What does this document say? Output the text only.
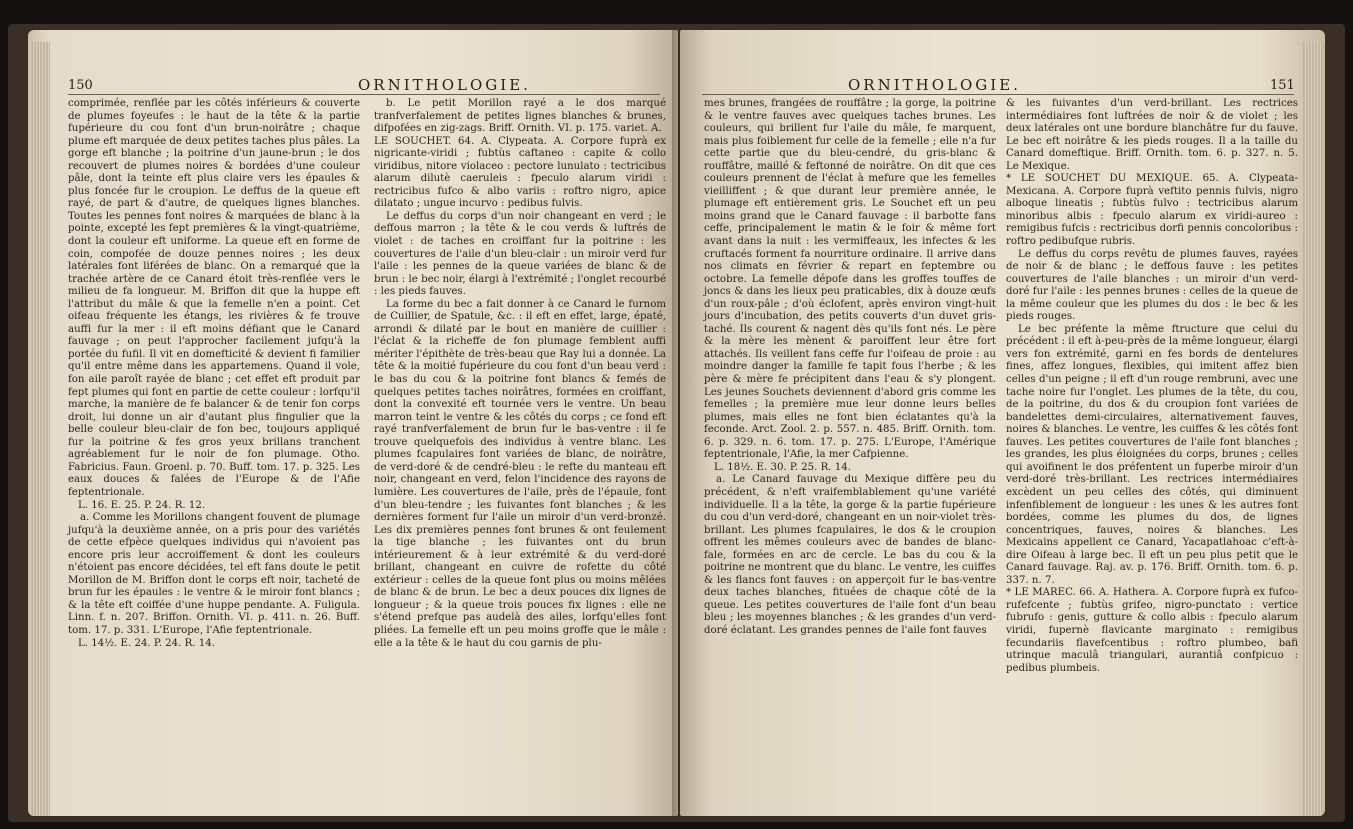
150	ORNITHOLOGIE.

comprimée, renflée par les côtés inférieurs & couverte de plumes foyeufes : le haut de la tête & la partie fupérieure du cou font d'un brun-noirâtre ; chaque plume eft marquée de deux petites taches plus pâles. La gorge eft blanche ; la poitrine d'un jaune-brun ; le dos recouvert de plumes noires & bordées d'une couleur pâle, dont la teinte eft plus claire vers les épaules & plus foncée fur le croupion. Le deffus de la queue eft rayé, de part & d'autre, de quelques lignes blanches. Toutes les pennes font noires & marquées de blanc à la pointe, excepté les fept premières & la vingt-quatrième, dont la couleur eft uniforme. La queue eft en forme de coin, compofée de douze pennes noires ; les deux latérales font liférées de blanc. On a remarqué que la trachée artère de ce Canard étoit très-renflée vers le milieu de fa longueur. M. Briffon dit que la huppe eft l'attribut du mâle & que la femelle n'en a point. Cet oifeau fréquente les étangs, les rivières & fe trouve auffi fur la mer : il eft moins défiant que le Canard fauvage ; on peut l'approcher facilement jufqu'à la portée du fufil. Il vit en domefticité & devient fi familier qu'il entre même dans les appartemens. Quand il vole, fon aile paroît rayée de blanc ; cet effet eft produit par fept plumes qui font en partie de cette couleur : lorfqu'il marche, la manière de fe balancer & de tenir fon corps droit, lui donne un air d'autant plus fingulier que la belle couleur bleu-clair de fon bec, toujours appliqué fur la poitrine & fes gros yeux brillans tranchent agréablement fur le noir de fon plumage. Otho. Fabricius. Faun. Groenl. p. 70. Buff. tom. 17. p. 325. Les eaux douces & falées de l'Europe & de l'Afie feptentrionale.

L. 16. E. 25. P. 24. R. 12.

a. Comme les Morillons changent fouvent de plumage jufqu'à la deuxième année, on a pris pour des variétés de cette efpèce quelques individus qui n'avoient pas encore pris leur accroiffement & dont les couleurs n'étoient pas encore décidées, tel eft fans doute le petit Morillon de M. Briffon dont le corps eft noir, tacheté de brun fur les épaules : le ventre & le miroir font blancs ; & la tête eft coiffée d'une huppe pendante. A. Fuligula. Linn. f. n. 207. Briffon. Ornith. VI. p. 411. n. 26. Buff. tom. 17. p. 331. L'Europe, l'Afie feptentrionale.

L. 14½. E. 24. P. 24. R. 14.

b. Le petit Morillon rayé a le dos marqué tranfverfalement de petites lignes blanches & brunes, difpofées en zig-zags. Briff. Ornith. VI. p. 175. variet. A.

LE SOUCHET. 64. A. Clypeata. A. Corpore fuprà ex nigricante-viridi ; fubtùs caftaneo : capite & collo viridibus, nitore violaceo : pectore lunulato : tectricibus alarum dilutè caeruleis : fpeculo alarum viridi : rectricibus fufco & albo variis : roftro nigro, apice dilatato ; ungue incurvo : pedibus fulvis.

Le deffus du corps d'un noir changeant en verd ; le deffous marron ; la tête & le cou verds & luftrés de violet : de taches en croiffant fur la poitrine : les couvertures de l'aile d'un bleu-clair : un miroir verd fur l'aile : les pennes de la queue variées de blanc & de brun : le bec noir, élargi à l'extrémité ; l'onglet recourbé : les pieds fauves.

La forme du bec a fait donner à ce Canard le furnom de Cuillier, de Spatule, &c. : il eft en effet, large, épaté, arrondi & dilaté par le bout en manière de cuillier : l'éclat & la richeffe de fon plumage femblent auffi mériter l'épithète de très-beau que Ray lui a donnée. La tête & la moitié fupérieure du cou font d'un beau verd : le bas du cou & la poitrine font blancs & femés de quelques petites taches noirâtres, formées en croiffant, dont la convexité eft tournée vers le ventre. Un beau marron teint le ventre & les côtés du corps ; ce fond eft rayé tranfverfalement de brun fur le bas-ventre : il fe trouve quelquefois des individus à ventre blanc. Les plumes fcapulaires font variées de blanc, de noirâtre, de verd-doré & de cendré-bleu : le refte du manteau eft noir, changeant en verd, felon l'incidence des rayons de lumière. Les couvertures de l'aile, près de l'épaule, font d'un bleu-tendre ; les fuivantes font blanches ; & les dernières forment fur l'aile un miroir d'un verd-bronzé. Les dix premières pennes font brunes & ont feulement la tige blanche ; les fuivantes ont du brun intérieurement & à leur extrémité & du verd-doré brillant, changeant en cuivre de rofette du côté extérieur : celles de la queue font plus ou moins mêlées de blanc & de brun. Le bec a deux pouces dix lignes de longueur ; & la queue trois pouces fix lignes : elle ne s'étend prefque pas audelà des ailes, lorfqu'elles font pliées. La femelle eft un peu moins groffe que le mâle : elle a la tête & le haut du cou garnis de plu-

ORNITHOLOGIE.	151

mes brunes, frangées de rouffâtre ; la gorge, la poitrine & le ventre fauves avec quelques taches brunes. Les couleurs, qui brillent fur l'aile du mâle, fe marquent, mais plus foiblement fur celle de la femelle ; elle n'a fur cette partie que du bleu-cendré, du gris-blanc & rouffâtre, maillé & feftonné de noirâtre. On dit que ces couleurs prennent de l'éclat à mefure que les femelles vieilliffent ; & que durant leur première année, le plumage eft entièrement gris. Le Souchet eft un peu moins grand que le Canard fauvage : il barbotte fans ceffe, principalement le matin & le foir & même fort avant dans la nuit : les vermiffeaux, les infectes & les cruftacés forment fa nourriture ordinaire. Il arrive dans nos climats en février & repart en feptembre ou octobre. La femelle dépofe dans les groffes touffes de joncs & dans les lieux peu praticables, dix à douze œufs d'un roux-pâle ; d'où éclofent, après environ vingt-huit jours d'incubation, des petits couverts d'un duvet gris-taché. Ils courent & nagent dès qu'ils font nés. Le père & la mère les mènent & paroiffent leur être fort attachés. Ils veillent fans ceffe fur l'oifeau de proie : au moindre danger la famille fe tapit fous l'herbe ; & les père & mère fe précipitent dans l'eau & s'y plongent. Les jeunes Souchets deviennent d'abord gris comme les femelles ; la première mue leur donne leurs belles plumes, mais elles ne font bien éclatantes qu'à la feconde. Arct. Zool. 2. p. 557. n. 485. Briff. Ornith. tom. 6. p. 329. n. 6. tom. 17. p. 275. L'Europe, l'Amérique feptentrionale, l'Afie, la mer Cafpienne.

L. 18½. E. 30. P. 25. R. 14.

a. Le Canard fauvage du Mexique diffère peu du précédent, & n'eft vraifemblablement qu'une variété individuelle. Il a la tête, la gorge & la partie fupérieure du cou d'un verd-doré, changeant en un noir-violet très-brillant. Les plumes fcapulaires, le dos & le croupion offrent les mêmes couleurs avec de bandes de blanc-fale, formées en arc de cercle. Le bas du cou & la poitrine ne montrent que du blanc. Le ventre, les cuiffes & les flancs font fauves : on apperçoit fur le bas-ventre deux taches blanches, fituées de chaque côté de la queue. Les petites couvertures de l'aile font d'un beau bleu ; les moyennes blanches ; & les grandes d'un verd-doré éclatant. Les grandes pennes de l'aile font fauves

& les fuivantes d'un verd-brillant. Les rectrices intermédiaires font luftrées de noir & de violet ; les deux latérales ont une bordure blanchâtre fur du fauve. Le bec eft noirâtre & les pieds rouges. Il a la taille du Canard domeftique. Briff. Ornith. tom. 6. p. 327. n. 5. Le Mexique.

* LE SOUCHET DU MEXIQUE. 65. A. Clypeata-Mexicana. A. Corpore fuprà veftito pennis fulvis, nigro alboque lineatis ; fubtùs fulvo : tectricibus alarum minoribus albis : fpeculo alarum ex viridi-aureo : remigibus fufcis : rectricibus dorfi pennis concoloribus : roftro pedibufque rubris.

Le deffus du corps revêtu de plumes fauves, rayées de noir & de blanc ; le deffous fauve : les petites couvertures de l'aile blanches : un miroir d'un verd-doré fur l'aile : les pennes brunes : celles de la queue de la même couleur que les plumes du dos : le bec & les pieds rouges.

Le bec préfente la même ftructure que celui du précédent : il eft à-peu-près de la même longueur, élargi vers fon extrémité, garni en fes bords de dentelures fines, affez longues, flexibles, qui imitent affez bien celles d'un peigne ; il eft d'un rouge rembruni, avec une tache noire fur l'onglet. Les plumes de la tête, du cou, de la poitrine, du dos & du croupion font variées de bandelettes demi-circulaires, alternativement fauves, noires & blanches. Le ventre, les cuiffes & les côtés font fauves. Les petites couvertures de l'aile font blanches ; les grandes, les plus éloignées du corps, brunes ; celles qui avoifinent le dos préfentent un fuperbe miroir d'un verd-doré très-brillant. Les rectrices intermédiaires excèdent un peu celles des côtés, qui diminuent infenfiblement de longueur : les unes & les autres font bordées, comme les plumes du dos, de lignes concentriques, fauves, noires & blanches. Les Mexicains appellent ce Canard, Yacapatlahoac c'eft-à-dire Oifeau à large bec. Il eft un peu plus petit que le Canard fauvage. Raj. av. p. 176. Briff. Ornith. tom. 6. p. 337. n. 7.

* LE MAREC. 66. A. Hathera. A. Corpore fuprà ex fufco-rufefcente ; fubtùs grifeo, nigro-punctato : vertice fubrufo : genis, gutture & collo albis : fpeculo alarum viridi, fupernè flavicante marginato : remigibus fecundariis flavefcentibus : roftro plumbeo, bafi utrinque maculâ triangulari, aurantiâ confpicuo : pedibus plumbeis.
